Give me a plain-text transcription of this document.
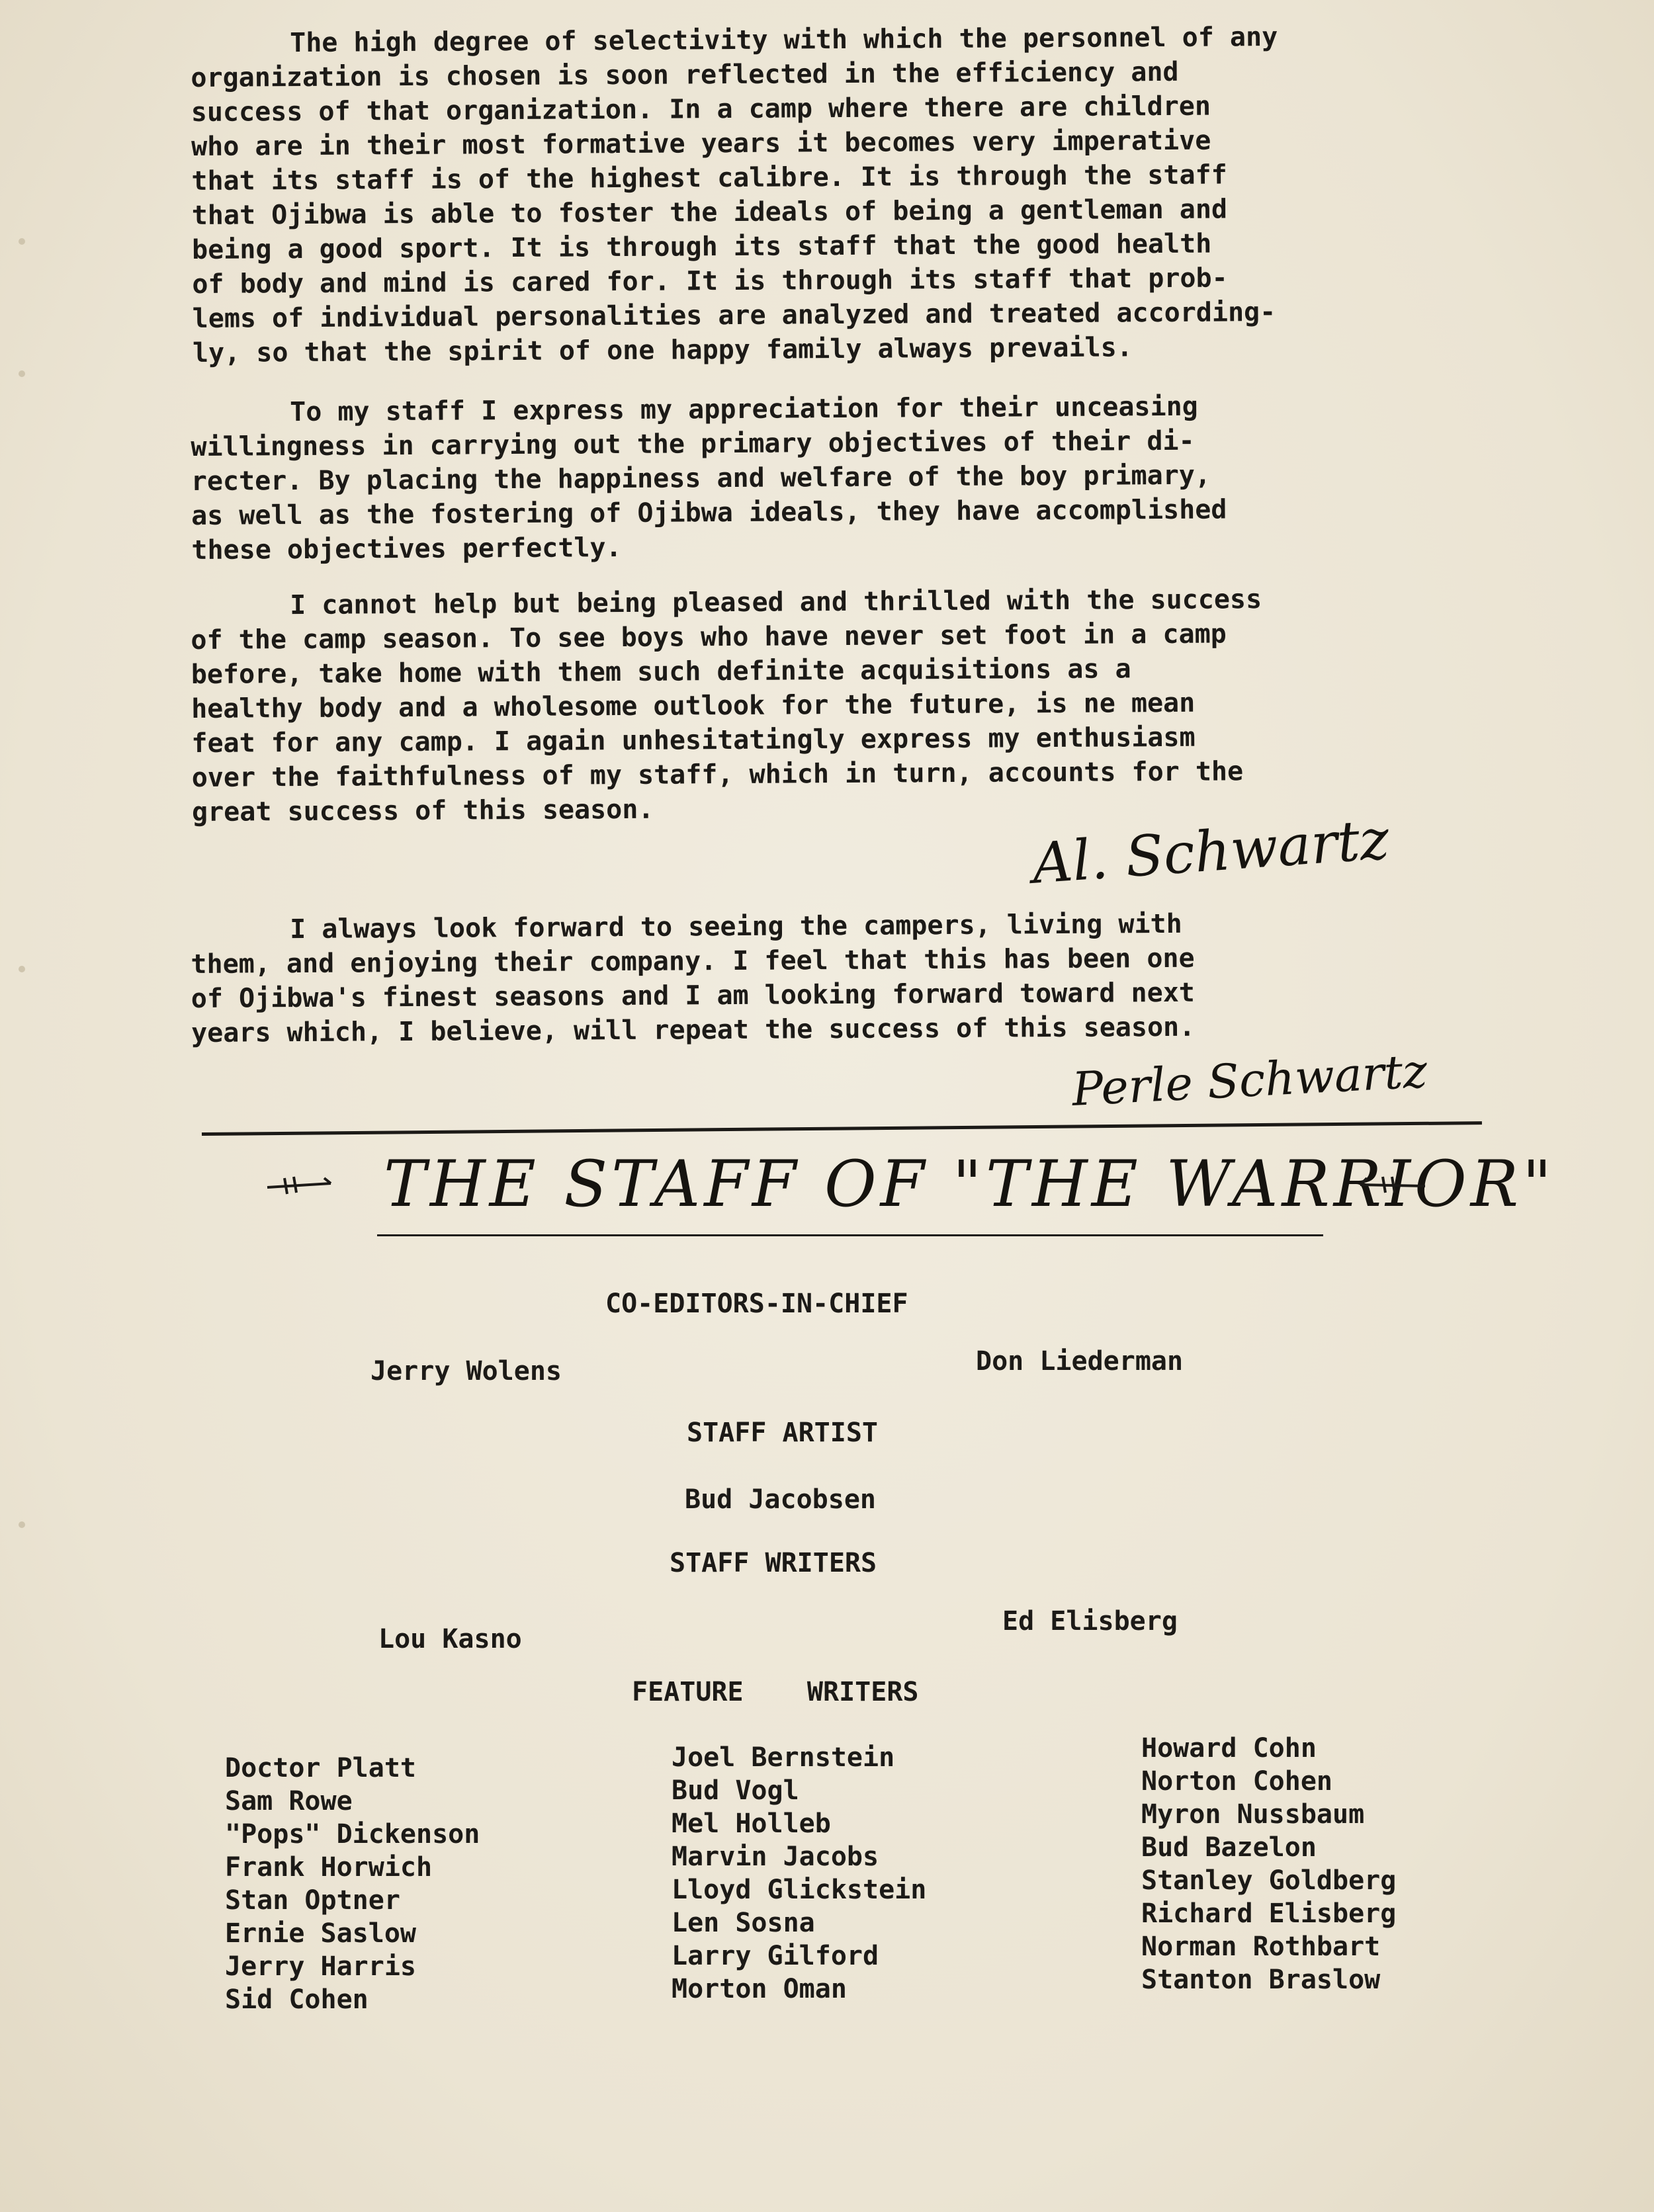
The high degree of selectivity with which the personnel of any
organization is chosen is soon reflected in the efficiency and
success of that organization. In a camp where there are children
who are in their most formative years it becomes very imperative
that its staff is of the highest calibre. It is through the staff
that Ojibwa is able to foster the ideals of being a gentleman and
being a good sport. It is through its staff that the good health
of body and mind is cared for. It is through its staff that prob-
lems of individual personalities are analyzed and treated according-
ly, so that the spirit of one happy family always prevails.

To my staff I express my appreciation for their unceasing
willingness in carrying out the primary objectives of their di-
recter. By placing the happiness and welfare of the boy primary,
as well as the fostering of Ojibwa ideals, they have accomplished
these objectives perfectly.

I cannot help but being pleased and thrilled with the success
of the camp season. To see boys who have never set foot in a camp
before, take home with them such definite acquisitions as a
healthy body and a wholesome outlook for the future, is ne mean
feat for any camp. I again unhesitatingly express my enthusiasm
over the faithfulness of my staff, which in turn, accounts for the
great success of this season.	Al. Schwartz

I always look forward to seeing the campers, living with
them, and enjoying their company. I feel that this has been one
of Ojibwa's finest seasons and I am looking forward toward next
years which, I believe, will repeat the success of this season.

Perle Schwartz
THE STAFF OF "THE WARRIOR"
CO-EDITORS-IN-CHIEF
Jerry Wolens	Don Liederman
STAFF ARTIST
Bud Jacobsen
STAFF WRITERS
Lou Kasno
Ed Elisberg
FEATURE    WRITERS
Doctor Platt
Sam Rowe
"Pops" Dickenson
Frank Horwich
Stan Optner
Ernie Saslow
Jerry Harris
Sid Cohen
Joel Bernstein
Bud Vogl
Mel Holleb
Marvin Jacobs
Lloyd Glickstein
Len Sosna
Larry Gilford
Morton Oman
Howard Cohn
Norton Cohen
Myron Nussbaum
Bud Bazelon
Stanley Goldberg
Richard Elisberg
Norman Rothbart
Stanton Braslow
